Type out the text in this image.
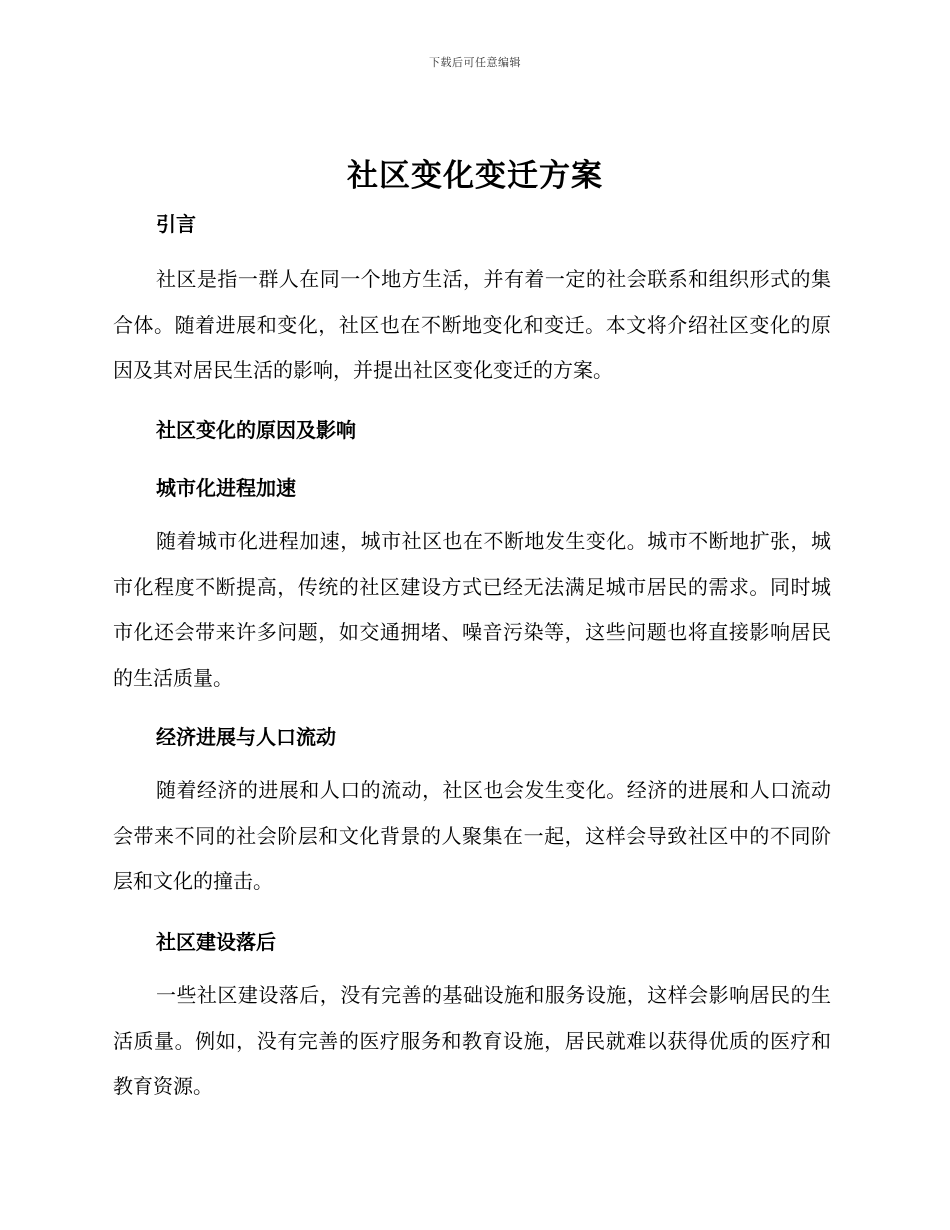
下载后可任意编辑
社区变化变迁方案
引言

社区是指一群人在同一个地方生活，并有着一定的社会联系和组织形式的集合体。随着进展和变化，社区也在不断地变化和变迁。本文将介绍社区变化的原因及其对居民生活的影响，并提出社区变化变迁的方案。

社区变化的原因及影响
城市化进程加速

随着城市化进程加速，城市社区也在不断地发生变化。城市不断地扩张，城市化程度不断提高，传统的社区建设方式已经无法满足城市居民的需求。同时城市化还会带来许多问题，如交通拥堵、噪音污染等，这些问题也将直接影响居民的生活质量。

经济进展与人口流动

随着经济的进展和人口的流动，社区也会发生变化。经济的进展和人口流动会带来不同的社会阶层和文化背景的人聚集在一起，这样会导致社区中的不同阶层和文化的撞击。

社区建设落后

一些社区建设落后，没有完善的基础设施和服务设施，这样会影响居民的生活质量。例如，没有完善的医疗服务和教育设施，居民就难以获得优质的医疗和教育资源。
